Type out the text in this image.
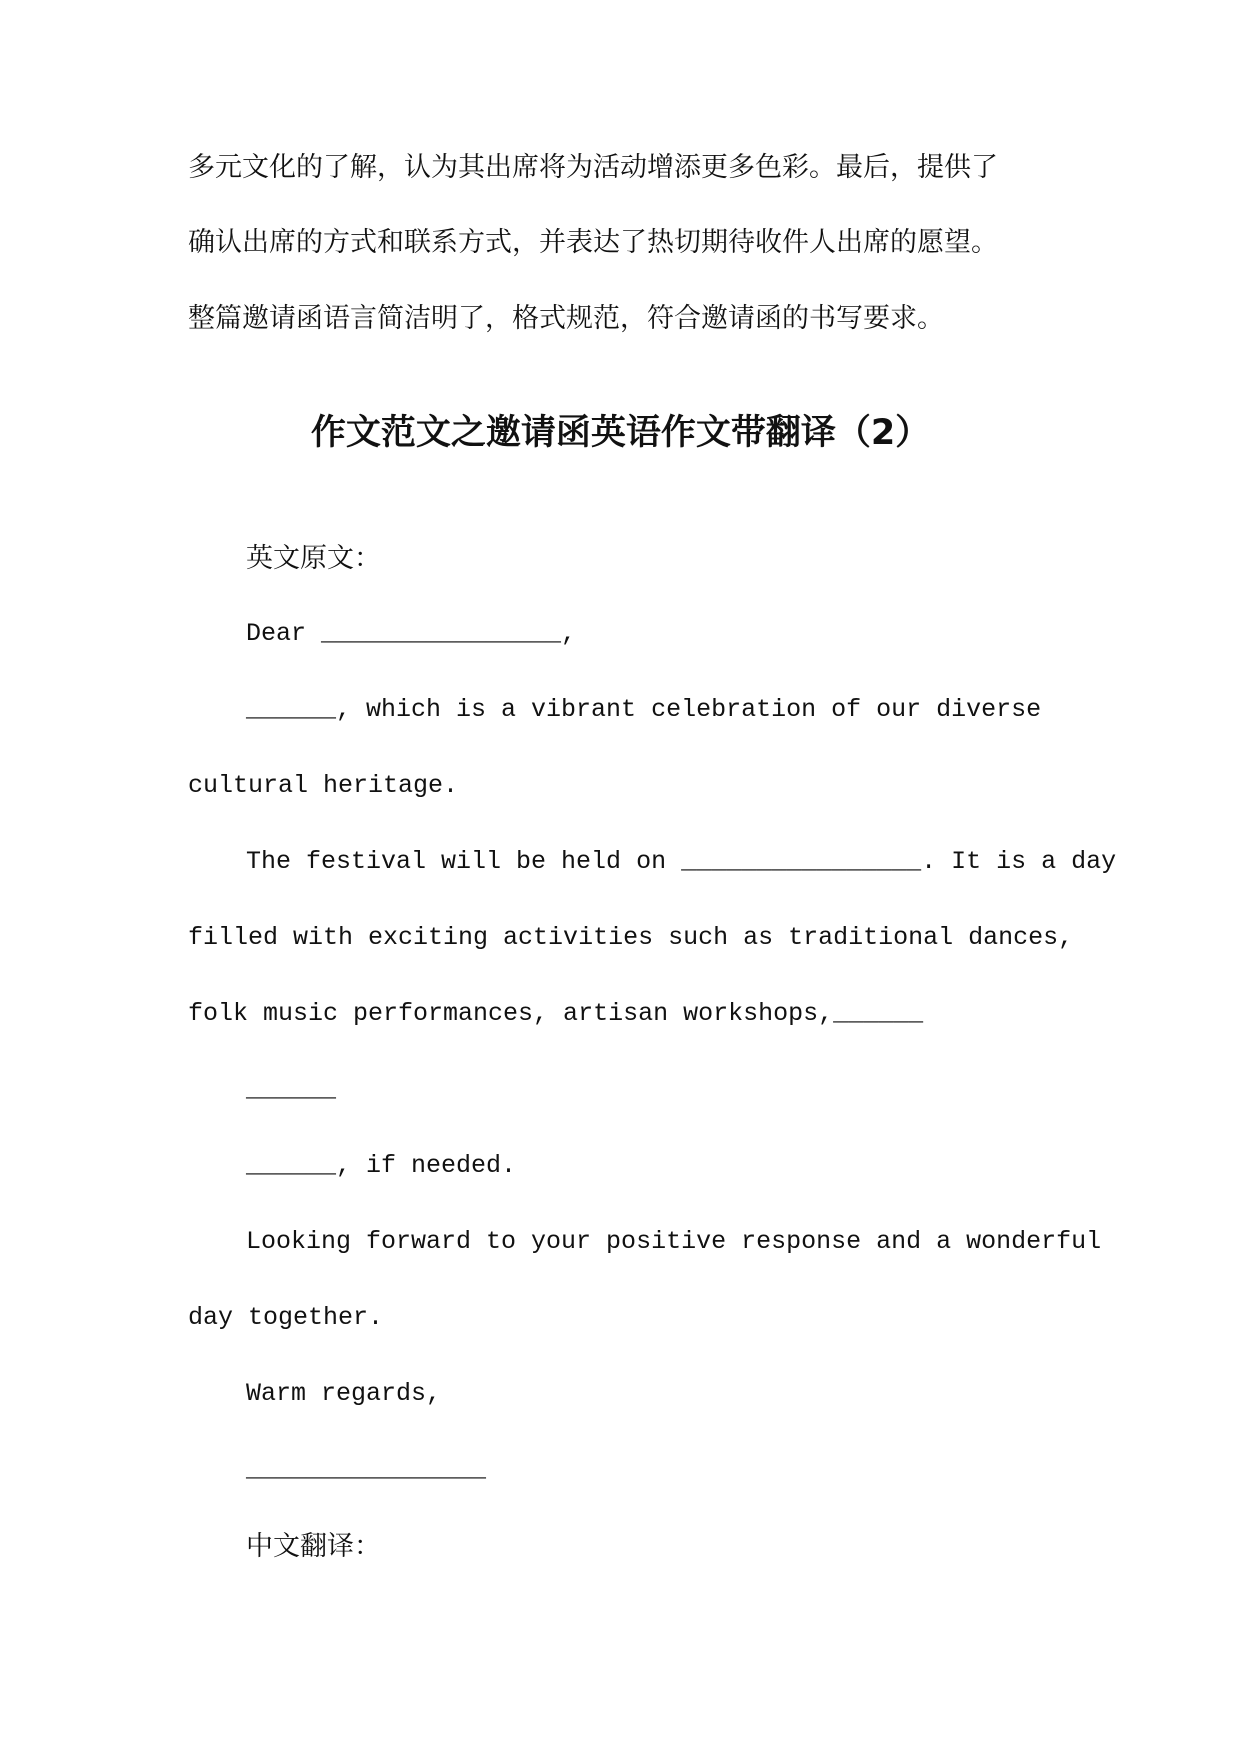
多元文化的了解，认为其出席将为活动增添更多色彩。最后，提供了
确认出席的方式和联系方式，并表达了热切期待收件人出席的愿望。
整篇邀请函语言简洁明了，格式规范，符合邀请函的书写要求。
作文范文之邀请函英语作文带翻译（2）
英文原文：
Dear ________________,
______, which is a vibrant celebration of our diverse
cultural heritage.
The festival will be held on ________________. It is a day
filled with exciting activities such as traditional dances,
folk music performances, artisan workshops,______
______
______, if needed.
Looking forward to your positive response and a wonderful
day together.
Warm regards,
________________
中文翻译：
